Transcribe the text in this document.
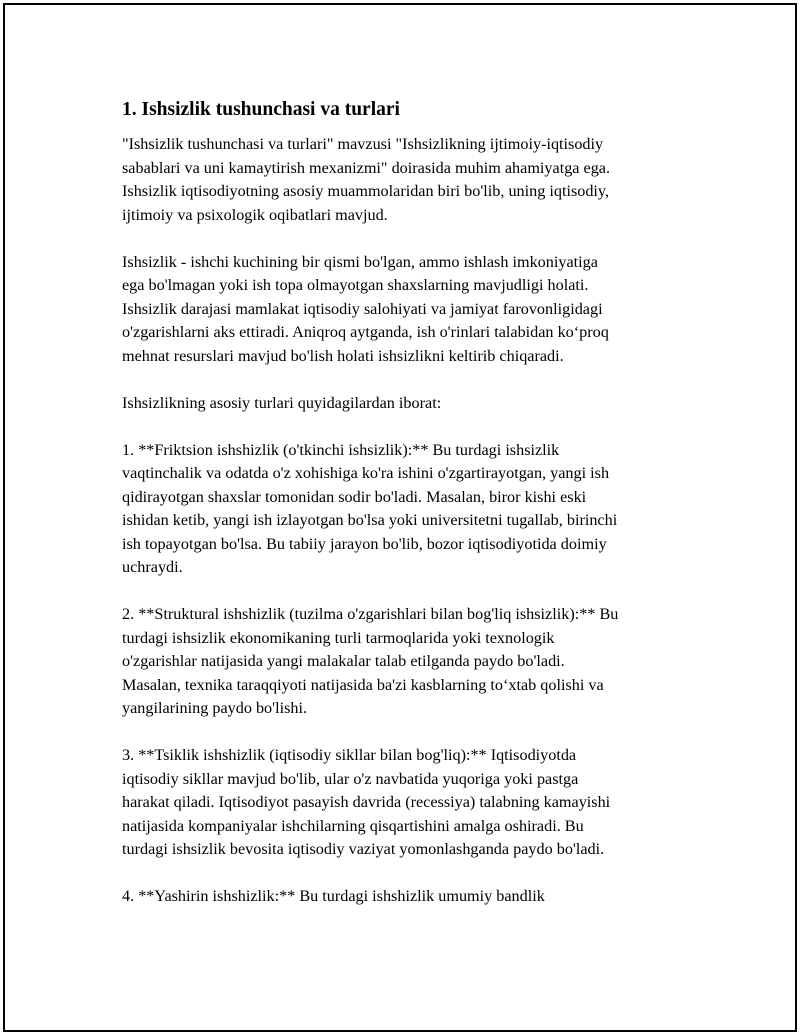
1. Ishsizlik tushunchasi va turlari

"Ishsizlik tushunchasi va turlari" mavzusi "Ishsizlikning ijtimoiy-iqtisodiy
sabablari va uni kamaytirish mexanizmi" doirasida muhim ahamiyatga ega.
Ishsizlik iqtisodiyotning asosiy muammolaridan biri bo'lib, uning iqtisodiy,
ijtimoiy va psixologik oqibatlari mavjud.

Ishsizlik - ishchi kuchining bir qismi bo'lgan, ammo ishlash imkoniyatiga
ega bo'lmagan yoki ish topa olmayotgan shaxslarning mavjudligi holati.
Ishsizlik darajasi mamlakat iqtisodiy salohiyati va jamiyat farovonligidagi
o'zgarishlarni aks ettiradi. Aniqroq aytganda, ish o'rinlari talabidan ko‘proq
mehnat resurslari mavjud bo'lish holati ishsizlikni keltirib chiqaradi.

Ishsizlikning asosiy turlari quyidagilardan iborat:

1. **Friktsion ishshizlik (o'tkinchi ishsizlik):** Bu turdagi ishsizlik
vaqtinchalik va odatda o'z xohishiga ko'ra ishini o'zgartirayotgan, yangi ish
qidirayotgan shaxslar tomonidan sodir bo'ladi. Masalan, biror kishi eski
ishidan ketib, yangi ish izlayotgan bo'lsa yoki universitetni tugallab, birinchi
ish topayotgan bo'lsa. Bu tabiiy jarayon bo'lib, bozor iqtisodiyotida doimiy
uchraydi.

2. **Struktural ishshizlik (tuzilma o'zgarishlari bilan bog'liq ishsizlik):** Bu
turdagi ishsizlik ekonomikaning turli tarmoqlarida yoki texnologik
o'zgarishlar natijasida yangi malakalar talab etilganda paydo bo'ladi.
Masalan, texnika taraqqiyoti natijasida ba'zi kasblarning to‘xtab qolishi va
yangilarining paydo bo'lishi.

3. **Tsiklik ishshizlik (iqtisodiy sikllar bilan bog'liq):** Iqtisodiyotda
iqtisodiy sikllar mavjud bo'lib, ular o'z navbatida yuqoriga yoki pastga
harakat qiladi. Iqtisodiyot pasayish davrida (recessiya) talabning kamayishi
natijasida kompaniyalar ishchilarning qisqartishini amalga oshiradi. Bu
turdagi ishsizlik bevosita iqtisodiy vaziyat yomonlashganda paydo bo'ladi.

4. **Yashirin ishshizlik:** Bu turdagi ishshizlik umumiy bandlik
